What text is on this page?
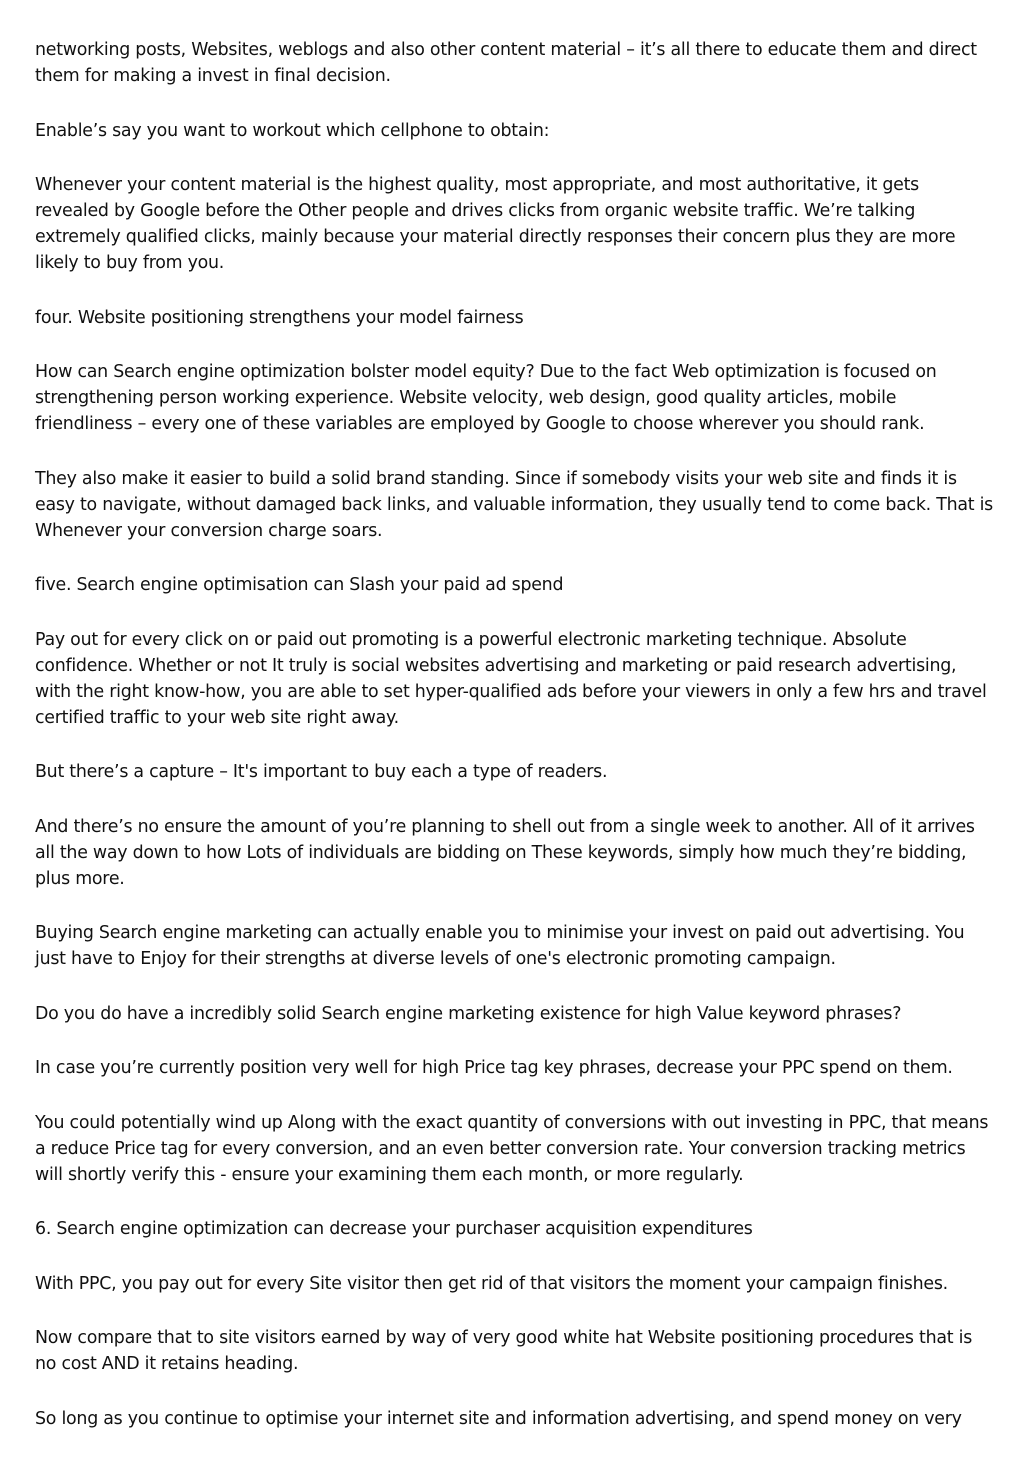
networking posts, Websites, weblogs and also other content material – it’s all there to educate them and direct them for making a invest in final decision.

Enable’s say you want to workout which cellphone to obtain:

Whenever your content material is the highest quality, most appropriate, and most authoritative, it gets revealed by Google before the Other people and drives clicks from organic website traffic. We’re talking extremely qualified clicks, mainly because your material directly responses their concern plus they are more likely to buy from you.

four. Website positioning strengthens your model fairness

How can Search engine optimization bolster model equity? Due to the fact Web optimization is focused on strengthening person working experience. Website velocity, web design, good quality articles, mobile friendliness – every one of these variables are employed by Google to choose wherever you should rank.

They also make it easier to build a solid brand standing. Since if somebody visits your web site and finds it is easy to navigate, without damaged back links, and valuable information, they usually tend to come back. That is Whenever your conversion charge soars.

five. Search engine optimisation can Slash your paid ad spend

Pay out for every click on or paid out promoting is a powerful electronic marketing technique. Absolute confidence. Whether or not It truly is social websites advertising and marketing or paid research advertising, with the right know-how, you are able to set hyper-qualified ads before your viewers in only a few hrs and travel certified traffic to your web site right away.

But there’s a capture – It's important to buy each a type of readers.

And there’s no ensure the amount of you’re planning to shell out from a single week to another. All of it arrives all the way down to how Lots of individuals are bidding on These keywords, simply how much they’re bidding, plus more.

Buying Search engine marketing can actually enable you to minimise your invest on paid out advertising. You just have to Enjoy for their strengths at diverse levels of one's electronic promoting campaign.

Do you do have a incredibly solid Search engine marketing existence for high Value keyword phrases?

In case you’re currently position very well for high Price tag key phrases, decrease your PPC spend on them.

You could potentially wind up Along with the exact quantity of conversions with out investing in PPC, that means a reduce Price tag for every conversion, and an even better conversion rate. Your conversion tracking metrics will shortly verify this - ensure your examining them each month, or more regularly.

6. Search engine optimization can decrease your purchaser acquisition expenditures

With PPC, you pay out for every Site visitor then get rid of that visitors the moment your campaign finishes.

Now compare that to site visitors earned by way of very good white hat Website positioning procedures that is no cost AND it retains heading.

So long as you continue to optimise your internet site and information advertising, and spend money on very
